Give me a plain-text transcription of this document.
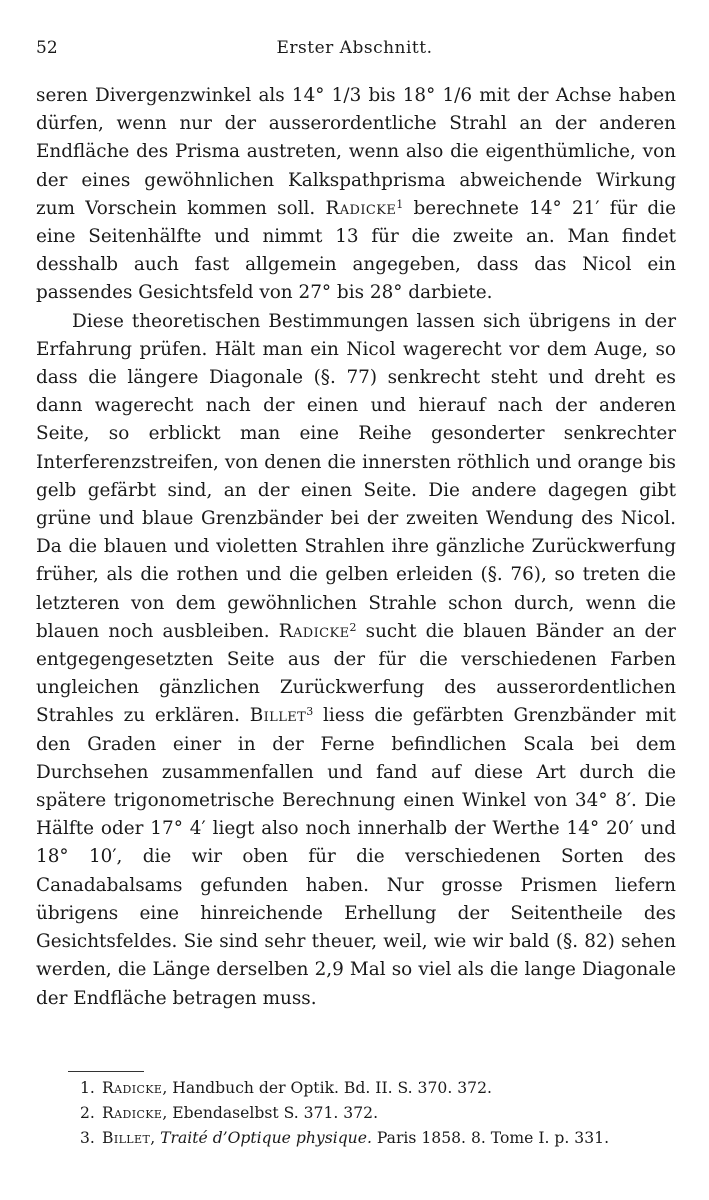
52	Erster Abschnitt.

seren Divergenzwinkel als 14° 1/3 bis 18° 1/6 mit der Achse haben dürfen, wenn nur der ausserordentliche Strahl an der anderen Endfläche des Prisma austreten, wenn also die eigenthümliche, von der eines gewöhnlichen Kalkspathprisma abweichende Wirkung zum Vorschein kommen soll. Radicke$^1$ berechnete 14° 21′ für die eine Seitenhälfte und nimmt 13 für die zweite an. Man findet desshalb auch fast allgemein angegeben, dass das Nicol ein passendes Gesichtsfeld von 27° bis 28° darbiete.

Diese theoretischen Bestimmungen lassen sich übrigens in der Erfahrung prüfen. Hält man ein Nicol wagerecht vor dem Auge, so dass die längere Diagonale (§. 77) senkrecht steht und dreht es dann wagerecht nach der einen und hierauf nach der anderen Seite, so erblickt man eine Reihe gesonderter senkrechter Interferenzstreifen, von denen die innersten röthlich und orange bis gelb gefärbt sind, an der einen Seite. Die andere dagegen gibt grüne und blaue Grenzbänder bei der zweiten Wendung des Nicol. Da die blauen und violetten Strahlen ihre gänzliche Zurückwerfung früher, als die rothen und die gelben erleiden (§. 76), so treten die letzteren von dem gewöhnlichen Strahle schon durch, wenn die blauen noch ausbleiben. Radicke$^2$ sucht die blauen Bänder an der entgegengesetzten Seite aus der für die verschiedenen Farben ungleichen gänzlichen Zurückwerfung des ausserordentlichen Strahles zu erklären. Billet$^3$ liess die gefärbten Grenzbänder mit den Graden einer in der Ferne befindlichen Scala bei dem Durchsehen zusammenfallen und fand auf diese Art durch die spätere trigonometrische Berechnung einen Winkel von 34° 8′. Die Hälfte oder 17° 4′ liegt also noch innerhalb der Werthe 14° 20′ und 18° 10′, die wir oben für die verschiedenen Sorten des Canadabalsams gefunden haben. Nur grosse Prismen liefern übrigens eine hinreichende Erhellung der Seitentheile des Gesichtsfeldes. Sie sind sehr theuer, weil, wie wir bald (§. 82) sehen werden, die Länge derselben 2,9 Mal so viel als die lange Diagonale der Endfläche betragen muss.

1. Radicke, Handbuch der Optik. Bd. II. S. 370. 372.

2. Radicke, Ebendaselbst S. 371. 372.

3. Billet, Traité d’Optique physique. Paris 1858. 8. Tome I. p. 331.
